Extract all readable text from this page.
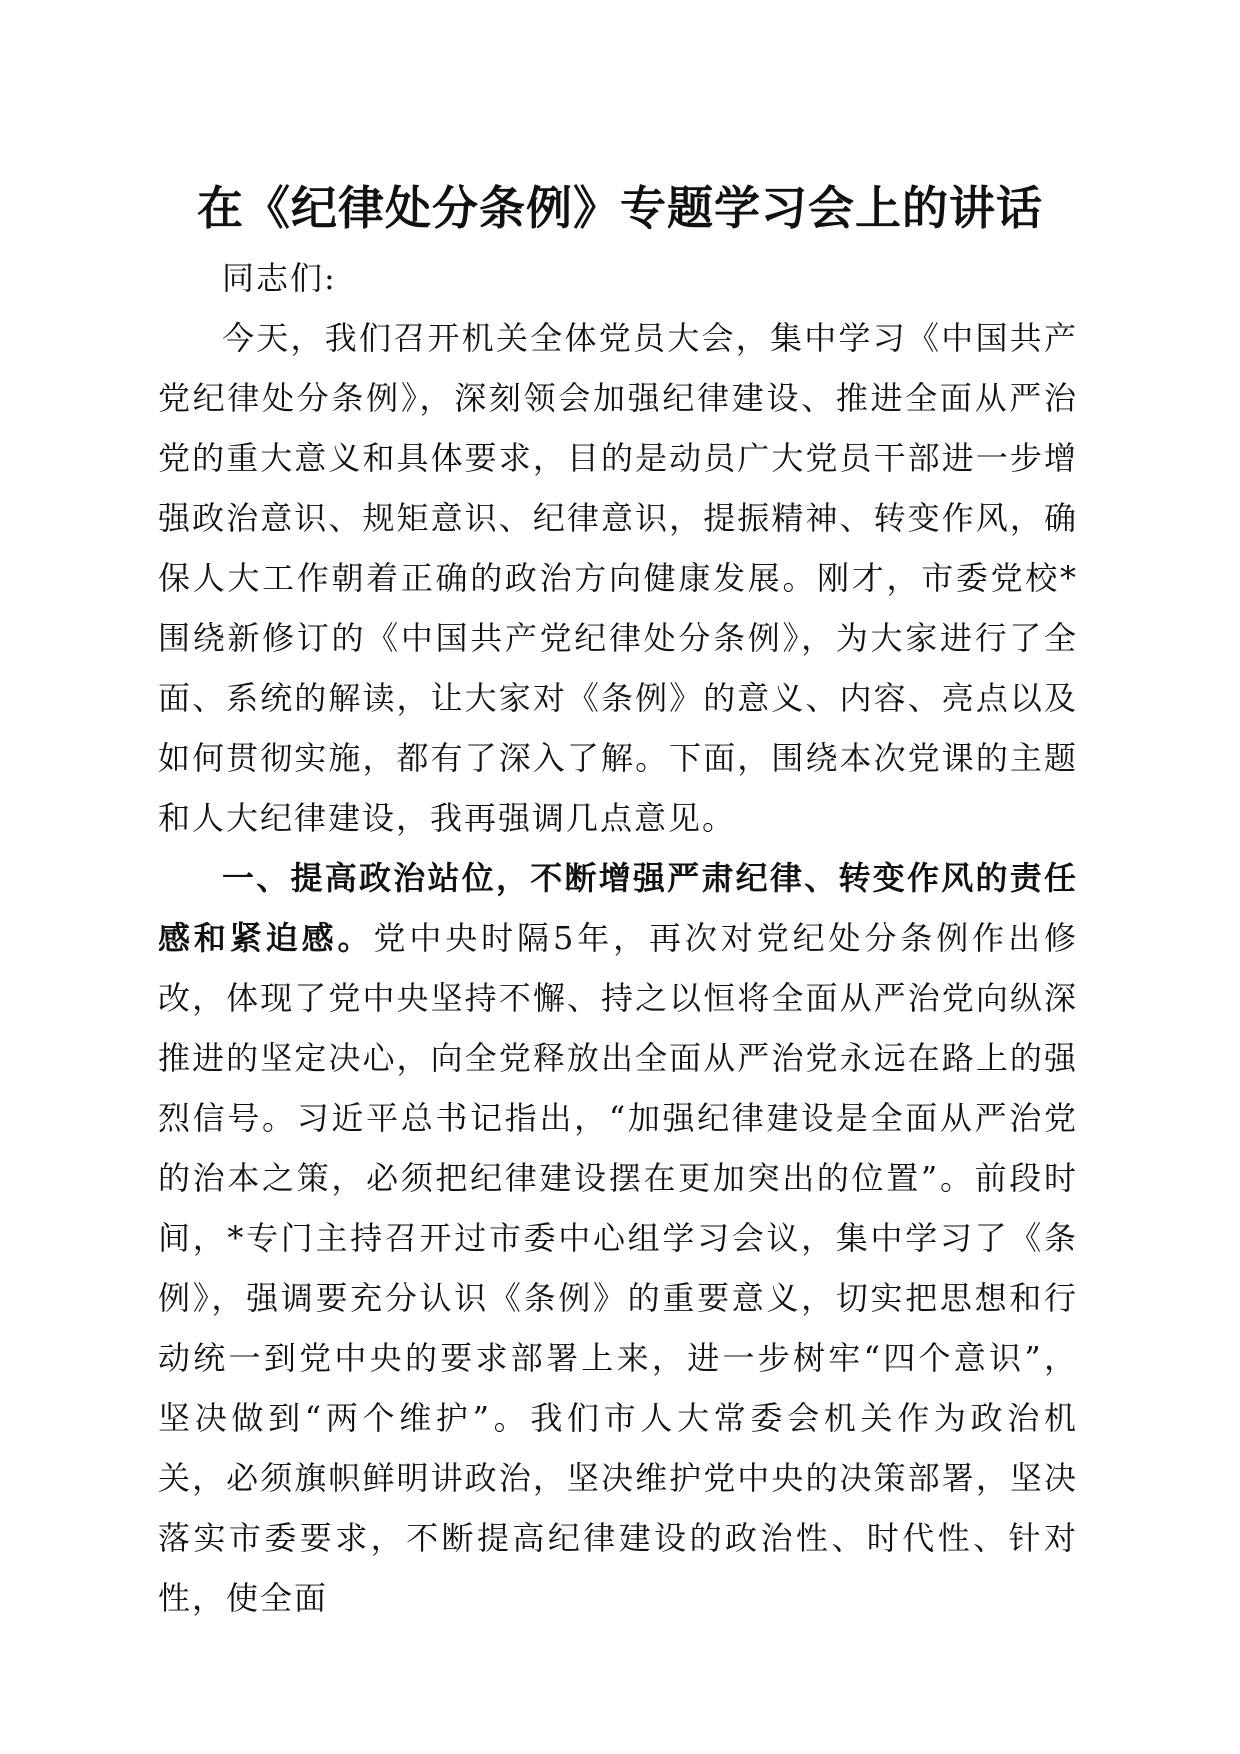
在《纪律处分条例》专题学习会上的讲话

同志们:

今天，我们召开机关全体党员大会，集中学习《中国共产党纪律处分条例》，深刻领会加强纪律建设、推进全面从严治党的重大意义和具体要求，目的是动员广大党员干部进一步增强政治意识、规矩意识、纪律意识，提振精神、转变作风，确保人大工作朝着正确的政治方向健康发展。刚才，市委党校*围绕新修订的《中国共产党纪律处分条例》，为大家进行了全面、系统的解读，让大家对《条例》的意义、内容、亮点以及如何贯彻实施，都有了深入了解。下面，围绕本次党课的主题和人大纪律建设，我再强调几点意见。

一、提高政治站位，不断增强严肃纪律、转变作风的责任感和紧迫感。党中央时隔5年，再次对党纪处分条例作出修改，体现了党中央坚持不懈、持之以恒将全面从严治党向纵深推进的坚定决心，向全党释放出全面从严治党永远在路上的强烈信号。习近平总书记指出，“加强纪律建设是全面从严治党的治本之策，必须把纪律建设摆在更加突出的位置”。前段时间，*专门主持召开过市委中心组学习会议，集中学习了《条例》，强调要充分认识《条例》的重要意义，切实把思想和行动统一到党中央的要求部署上来，进一步树牢“四个意识”，坚决做到“两个维护”。我们市人大常委会机关作为政治机关，必须旗帜鲜明讲政治，坚决维护党中央的决策部署，坚决落实市委要求，不断提高纪律建设的政治性、时代性、针对性，使全面
